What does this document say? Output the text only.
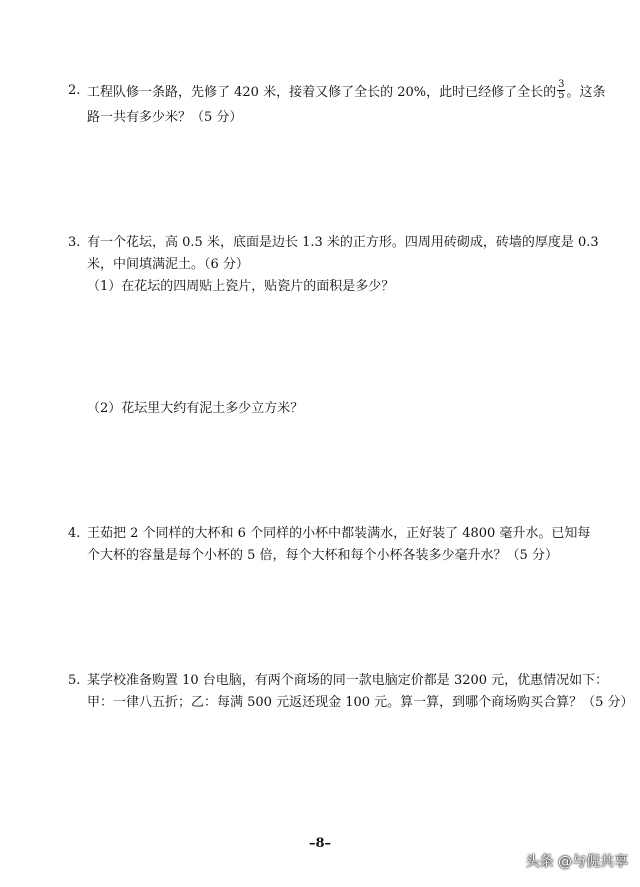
2. 工程队修一条路，先修了 420 米，接着又修了全长的 20%，此时已经修了全长的 $\frac{3}{5}$ 。这条
路一共有多少米？（5 分）
3. 有一个花坛，高 0.5 米，底面是边长 1.3 米的正方形。四周用砖砌成，砖墙的厚度是 0.3
米，中间填满泥土。（6 分）
（1）在花坛的四周贴上瓷片，贴瓷片的面积是多少？
（2）花坛里大约有泥土多少立方米？
4. 王茹把 2 个同样的大杯和 6 个同样的小杯中都装满水，正好装了 4800 毫升水。已知每
个大杯的容量是每个小杯的 5 倍，每个大杯和每个小杯各装多少毫升水？（5 分）
5. 某学校准备购置 10 台电脑，有两个商场的同一款电脑定价都是 3200 元，优惠情况如下：
甲：一律八五折；乙：每满 500 元返还现金 100 元。算一算，到哪个商场购买合算？（5 分）
–8–
头条 @与倪共享
